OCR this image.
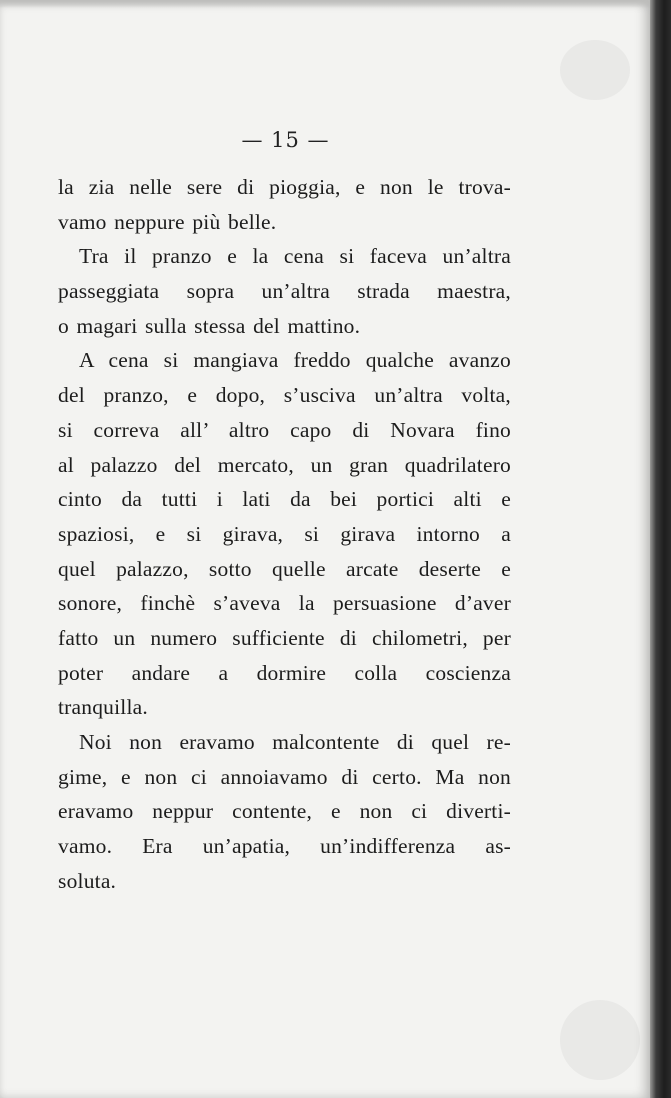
— 15 —
la zia nelle sere di pioggia, e non le trova-
vamo neppure più belle.
Tra il pranzo e la cena si faceva un’altra
passeggiata sopra un’altra strada maestra,
o magari sulla stessa del mattino.
A cena si mangiava freddo qualche avanzo
del pranzo, e dopo, s’usciva un’altra volta,
si correva all’ altro capo di Novara fino
al palazzo del mercato, un gran quadrilatero
cinto da tutti i lati da bei portici alti e
spaziosi, e si girava, si girava intorno a
quel palazzo, sotto quelle arcate deserte e
sonore, finchè s’aveva la persuasione d’aver
fatto un numero sufficiente di chilometri, per
poter andare a dormire colla coscienza
tranquilla.
Noi non eravamo malcontente di quel re-
gime, e non ci annoiavamo di certo. Ma non
eravamo neppur contente, e non ci diverti-
vamo. Era un’apatia, un’indifferenza as-
soluta.
